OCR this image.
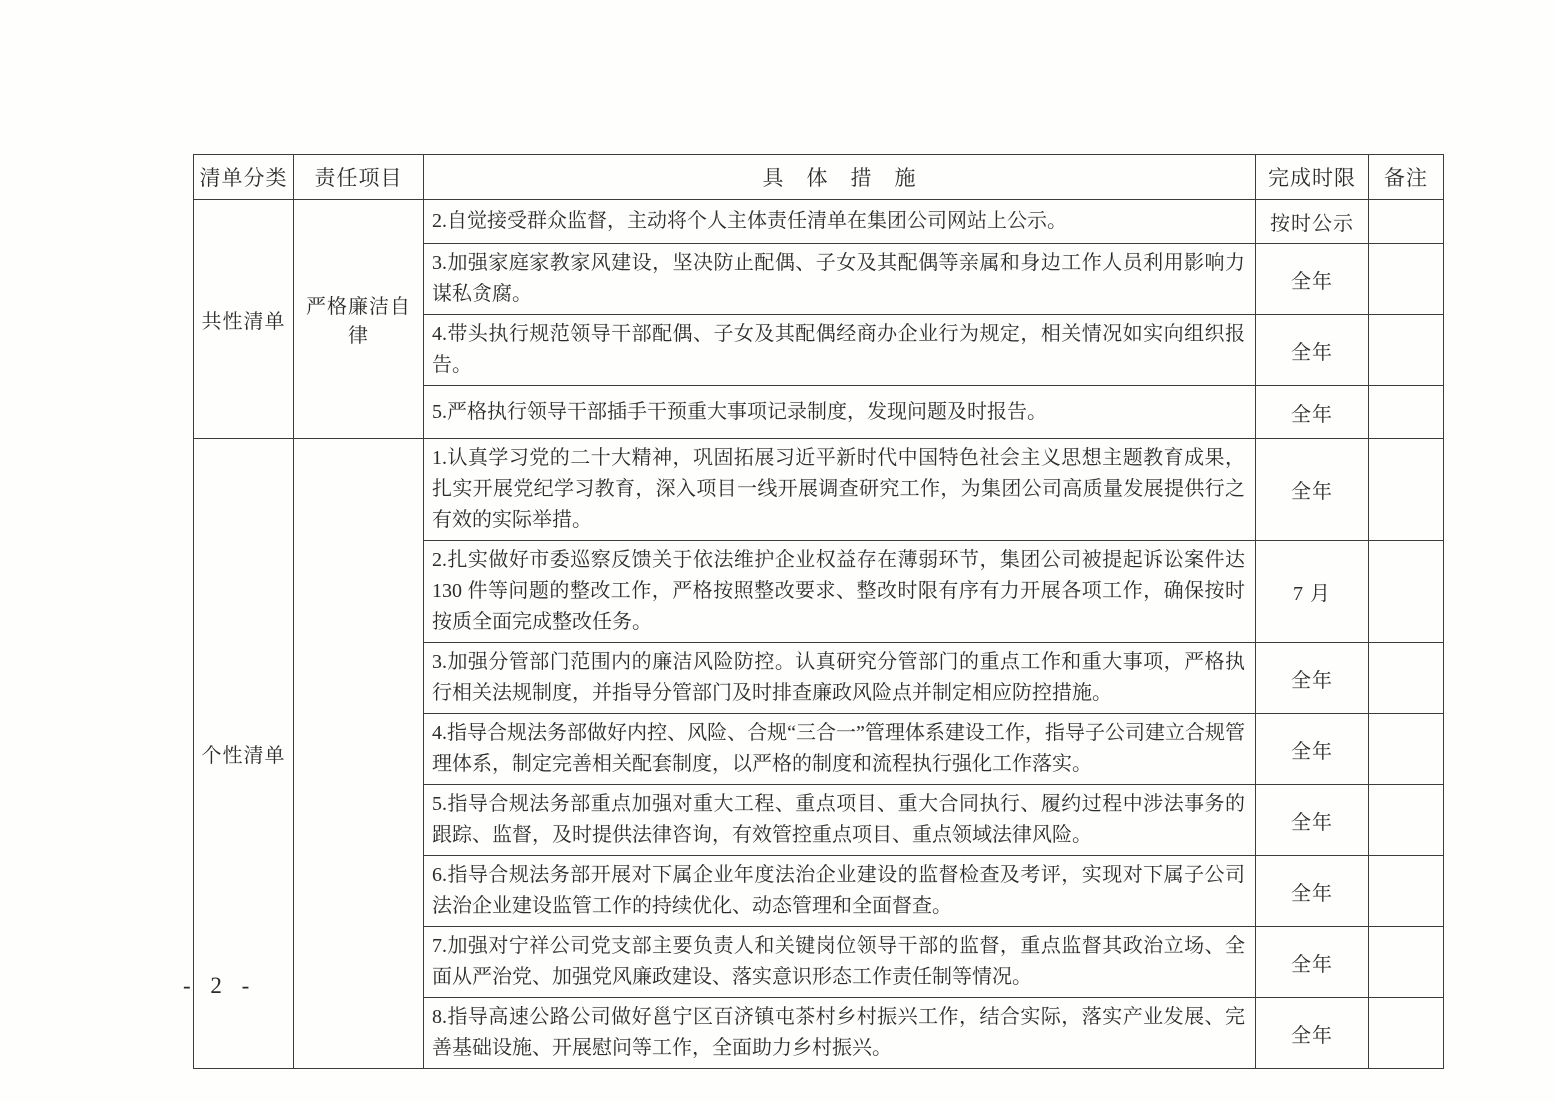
清单分类	责任项目	具　体　措　施	完成时限	备注
共性清单	严格廉洁自律	2.自觉接受群众监督，主动将个人主体责任清单在集团公司网站上公示。	按时公示	
		3.加强家庭家教家风建设，坚决防止配偶、子女及其配偶等亲属和身边工作人员利用影响力谋私贪腐。	全年	
		4.带头执行规范领导干部配偶、子女及其配偶经商办企业行为规定，相关情况如实向组织报告。	全年	
		5.严格执行领导干部插手干预重大事项记录制度，发现问题及时报告。	全年	
个性清单		1.认真学习党的二十大精神，巩固拓展习近平新时代中国特色社会主义思想主题教育成果，扎实开展党纪学习教育，深入项目一线开展调查研究工作，为集团公司高质量发展提供行之有效的实际举措。	全年	
		2.扎实做好市委巡察反馈关于依法维护企业权益存在薄弱环节，集团公司被提起诉讼案件达 130 件等问题的整改工作，严格按照整改要求、整改时限有序有力开展各项工作，确保按时按质全面完成整改任务。	7 月	
		3.加强分管部门范围内的廉洁风险防控。认真研究分管部门的重点工作和重大事项，严格执行相关法规制度，并指导分管部门及时排查廉政风险点并制定相应防控措施。	全年	
		4.指导合规法务部做好内控、风险、合规“三合一”管理体系建设工作，指导子公司建立合规管理体系，制定完善相关配套制度，以严格的制度和流程执行强化工作落实。	全年	
		5.指导合规法务部重点加强对重大工程、重点项目、重大合同执行、履约过程中涉法事务的跟踪、监督，及时提供法律咨询，有效管控重点项目、重点领域法律风险。	全年	
		6.指导合规法务部开展对下属企业年度法治企业建设的监督检查及考评，实现对下属子公司法治企业建设监管工作的持续优化、动态管理和全面督查。	全年	
		7.加强对宁祥公司党支部主要负责人和关键岗位领导干部的监督，重点监督其政治立场、全面从严治党、加强党风廉政建设、落实意识形态工作责任制等情况。	全年	
		8.指导高速公路公司做好邕宁区百济镇屯茶村乡村振兴工作，结合实际，落实产业发展、完善基础设施、开展慰问等工作，全面助力乡村振兴。	全年	
- 2 -
